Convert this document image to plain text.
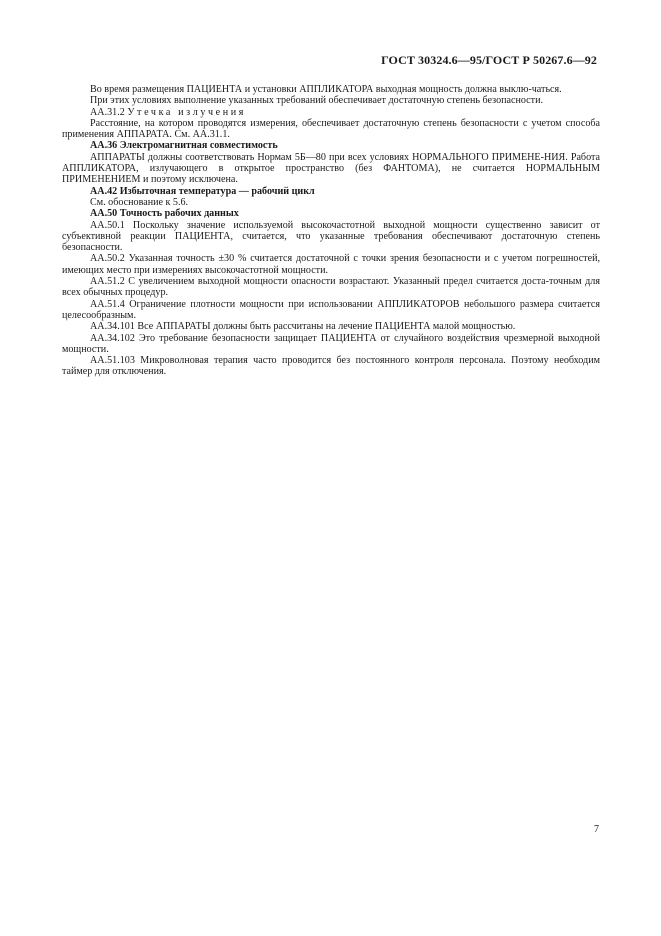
ГОСТ 30324.6—95/ГОСТ Р 50267.6—92

Во время размещения ПАЦИЕНТА и установки АППЛИКАТОРА выходная мощность должна выклю-чаться.

При этих условиях выполнение указанных требований обеспечивает достаточную степень безопасности.

АА.31.2 Утечка излучения

Расстояние, на котором проводятся измерения, обеспечивает достаточную степень безопасности с учетом способа применения АППАРАТА. См. АА.31.1.

АА.36 Электромагнитная совместимость

АППАРАТЫ должны соответствовать Нормам 5Б—80 при всех условиях НОРМАЛЬНОГО ПРИМЕНЕ-НИЯ. Работа АППЛИКАТОРА, излучающего в открытое пространство (без ФАНТОМА), не считается НОРМАЛЬНЫМ ПРИМЕНЕНИЕМ и поэтому исключена.

АА.42 Избыточная температура — рабочий цикл

См. обоснование к 5.6.

АА.50 Точность рабочих данных

АА.50.1 Поскольку значение используемой высокочастотной выходной мощности существенно зависит от субъективной реакции ПАЦИЕНТА, считается, что указанные требования обеспечивают достаточную степень безопасности.

АА.50.2 Указанная точность ±30 % считается достаточной с точки зрения безопасности и с учетом погрешностей, имеющих место при измерениях высокочастотной мощности.

АА.51.2 С увеличением выходной мощности опасности возрастают. Указанный предел считается доста-точным для всех обычных процедур.

АА.51.4 Ограничение плотности мощности при использовании АППЛИКАТОРОВ небольшого размера считается целесообразным.

АА.34.101 Все АППАРАТЫ должны быть рассчитаны на лечение ПАЦИЕНТА малой мощностью.

АА.34.102 Это требование безопасности защищает ПАЦИЕНТА от случайного воздействия чрезмерной выходной мощности.

АА.51.103 Микроволновая терапия часто проводится без постоянного контроля персонала. Поэтому необходим таймер для отключения.

7
